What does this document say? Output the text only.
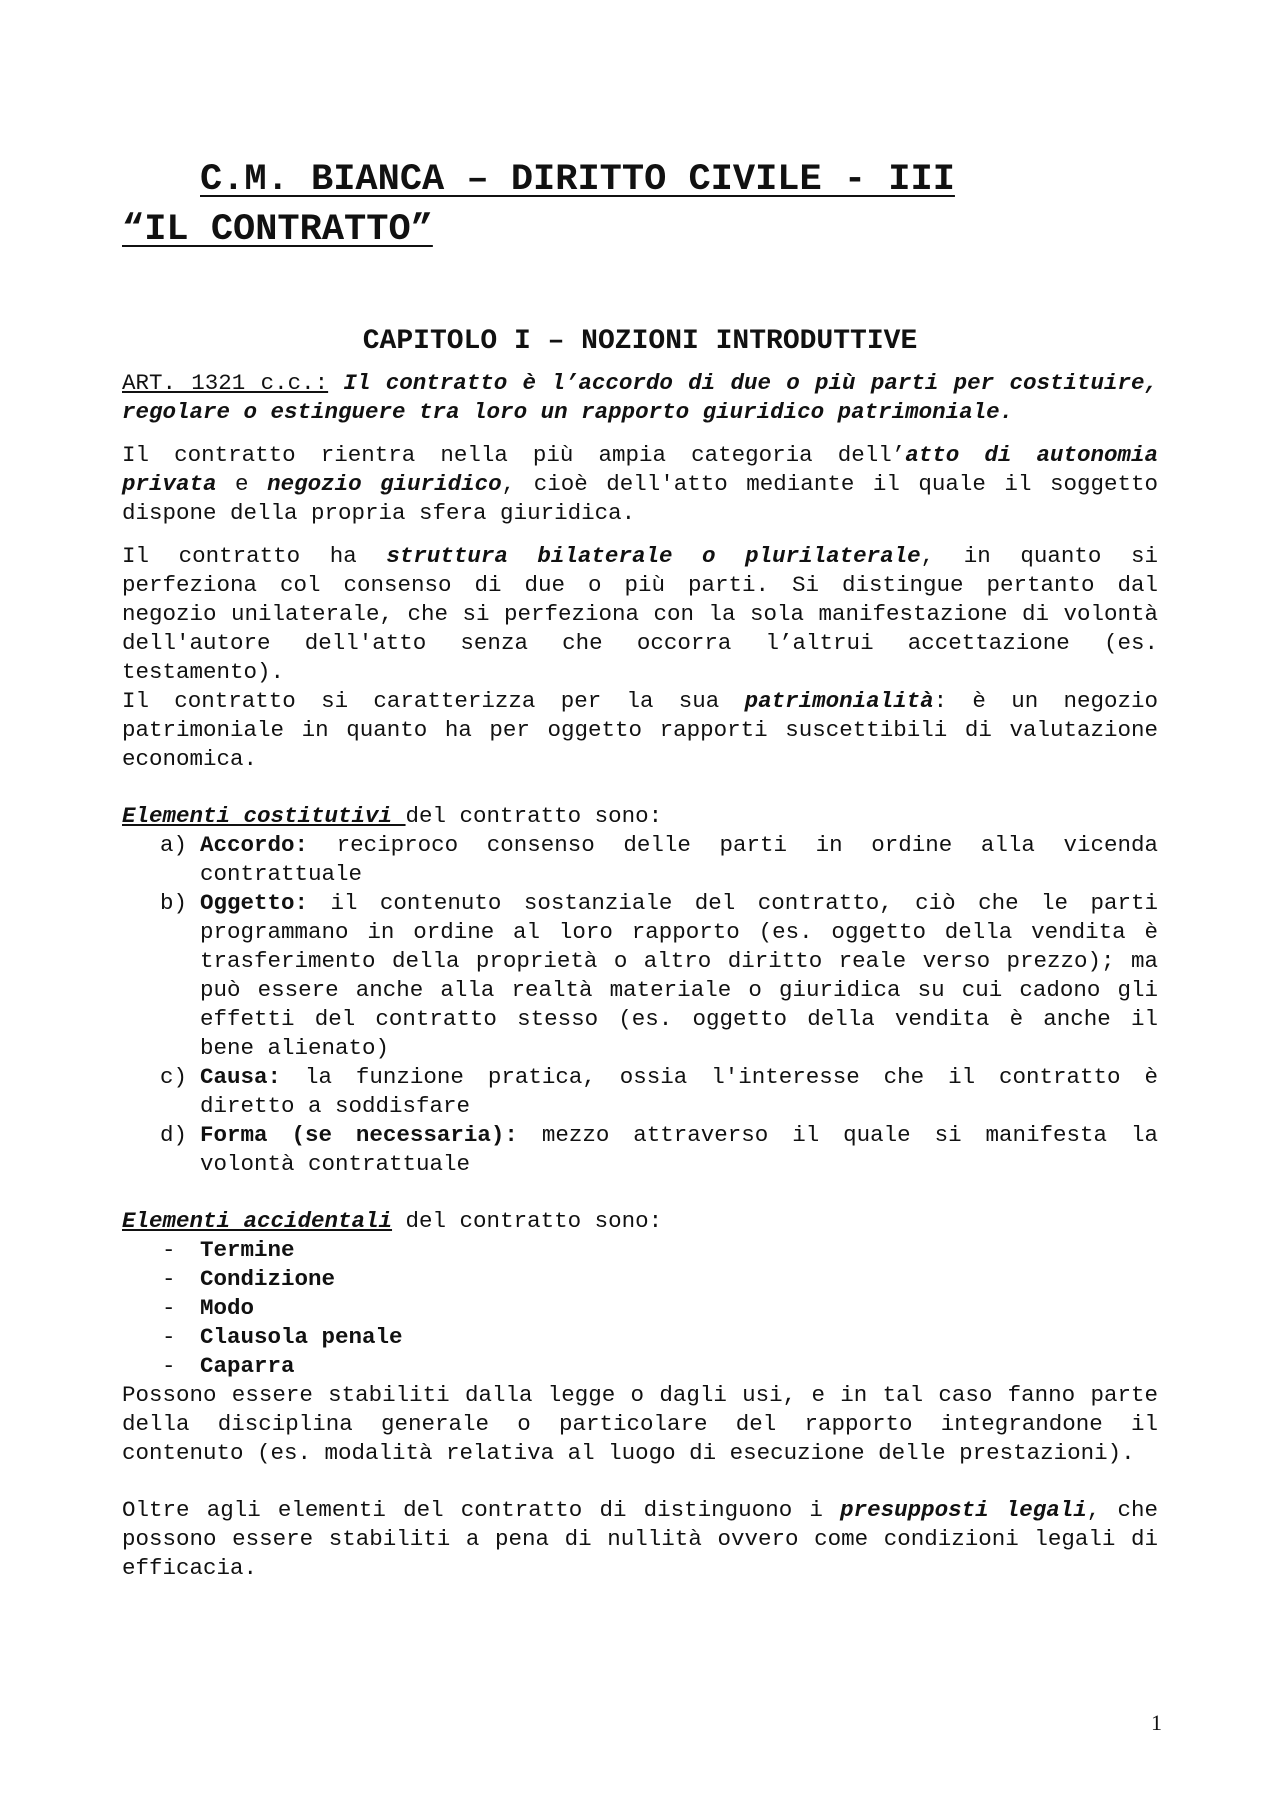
C.M. BIANCA – DIRITTO CIVILE - III
“IL CONTRATTO”
CAPITOLO I – NOZIONI INTRODUTTIVE

ART. 1321 c.c.: Il contratto è l’accordo di due o più parti per costituire, regolare o estinguere tra loro un rapporto giuridico patrimoniale.

Il contratto rientra nella più ampia categoria dell’atto di autonomia privata e negozio giuridico, cioè dell'atto mediante il quale il soggetto dispone della propria sfera giuridica.

Il contratto ha struttura bilaterale o plurilaterale, in quanto si perfeziona col consenso di due o più parti. Si distingue pertanto dal negozio unilaterale, che si perfeziona con la sola manifestazione di volontà dell'autore dell'atto senza che occorra l’altrui accettazione (es. testamento).

Il contratto si caratterizza per la sua patrimonialità: è un negozio patrimoniale in quanto ha per oggetto rapporti suscettibili di valutazione economica.

Elementi costitutivi del contratto sono:

a) Accordo: reciproco consenso delle parti in ordine alla vicenda contrattuale
b) Oggetto: il contenuto sostanziale del contratto, ciò che le parti programmano in ordine al loro rapporto (es. oggetto della vendita è trasferimento della proprietà o altro diritto reale verso prezzo); ma può essere anche alla realtà materiale o giuridica su cui cadono gli effetti del contratto stesso (es. oggetto della vendita è anche il bene alienato)
c) Causa: la funzione pratica, ossia l'interesse che il contratto è diretto a soddisfare
d) Forma (se necessaria): mezzo attraverso il quale si manifesta la volontà contrattuale

Elementi accidentali del contratto sono:

- Termine
- Condizione
- Modo
- Clausola penale
- Caparra

Possono essere stabiliti dalla legge o dagli usi, e in tal caso fanno parte della disciplina generale o particolare del rapporto integrandone il contenuto (es. modalità relativa al luogo di esecuzione delle prestazioni).

Oltre agli elementi del contratto di distinguono i presupposti legali, che possono essere stabiliti a pena di nullità ovvero come condizioni legali di efficacia.

1
